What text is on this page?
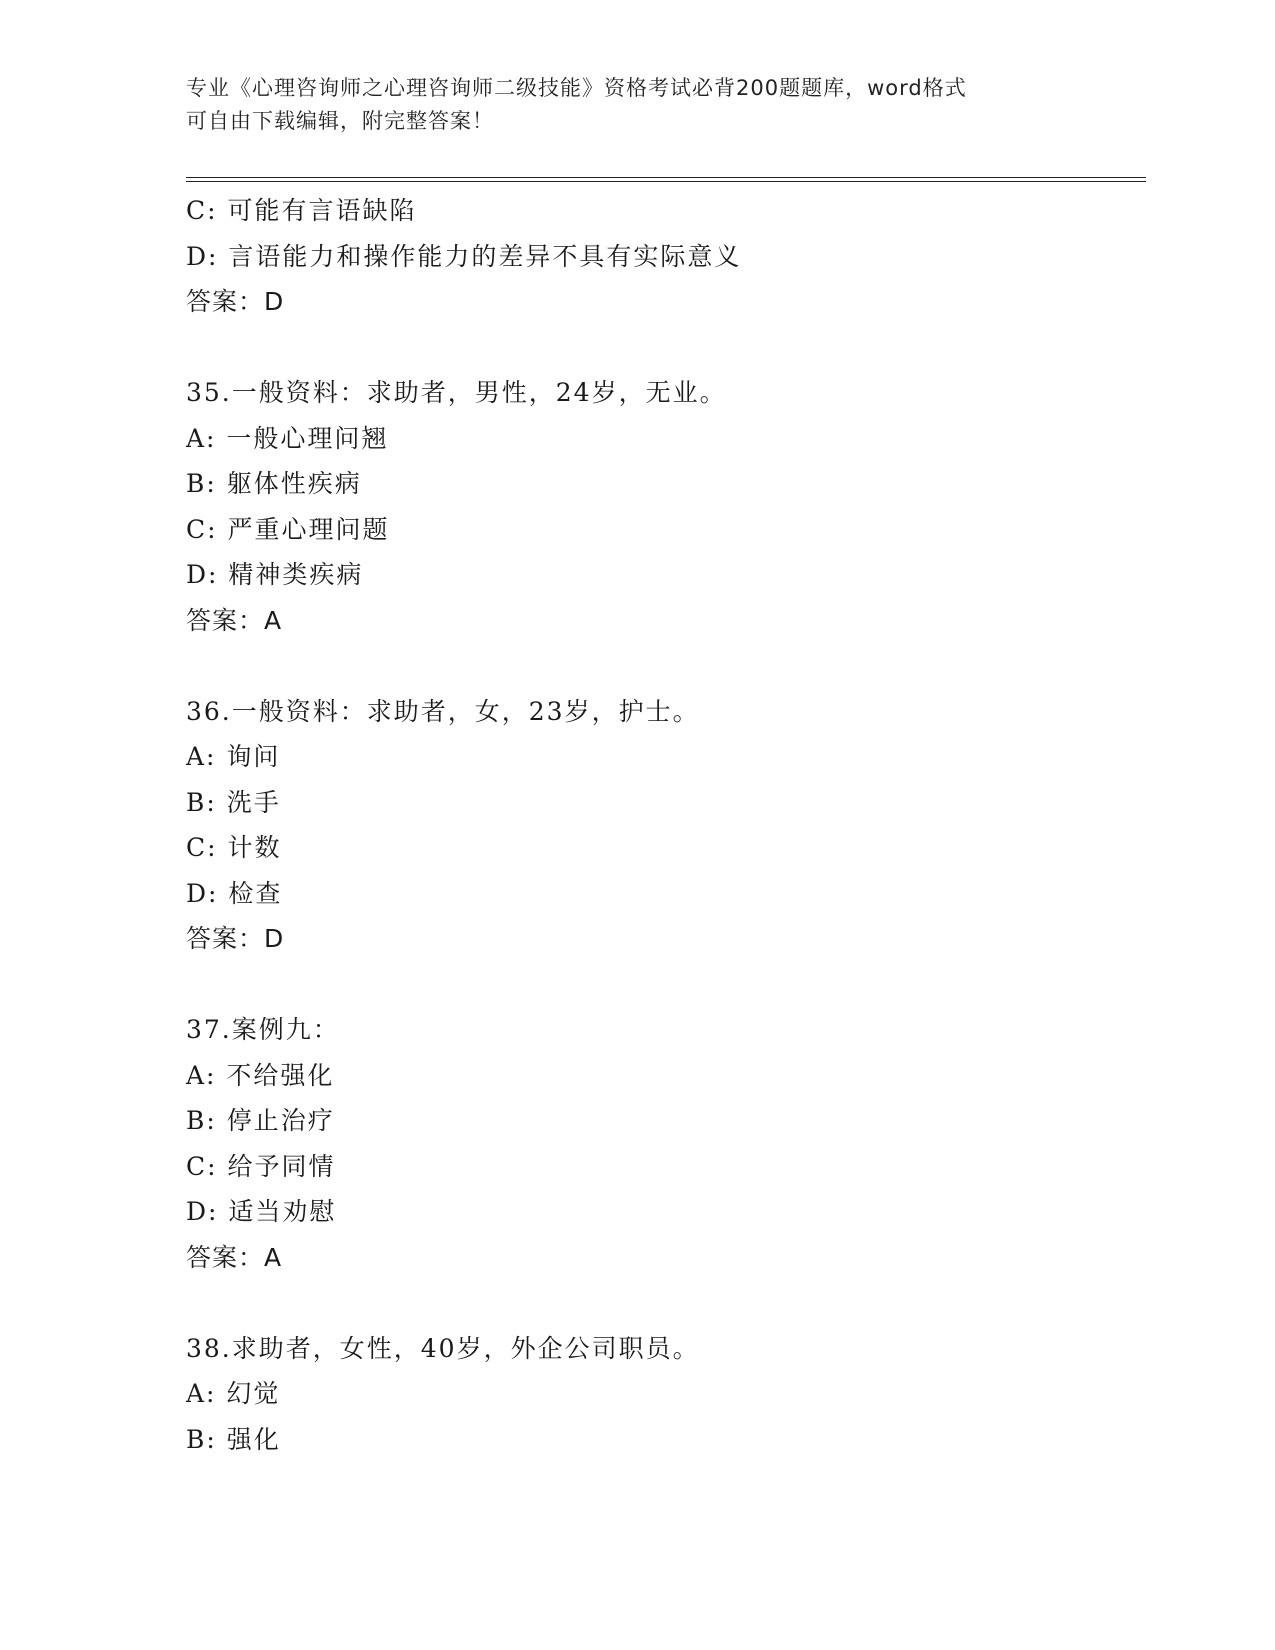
专业《心理咨询师之心理咨询师二级技能》资格考试必背200题题库，word格式
可自由下载编辑，附完整答案！
C: 可能有言语缺陷
D: 言语能力和操作能力的差异不具有实际意义
答案：D
35.一般资料：求助者，男性，24岁，无业。
A: 一般心理问翘
B: 躯体性疾病
C: 严重心理问题
D: 精神类疾病
答案：A
36.一般资料：求助者，女，23岁，护士。
A: 询问
B: 洗手
C: 计数
D: 检查
答案：D
37.案例九：
A: 不给强化
B: 停止治疗
C: 给予同情
D: 适当劝慰
答案：A
38.求助者，女性，40岁，外企公司职员。
A: 幻觉
B: 强化
